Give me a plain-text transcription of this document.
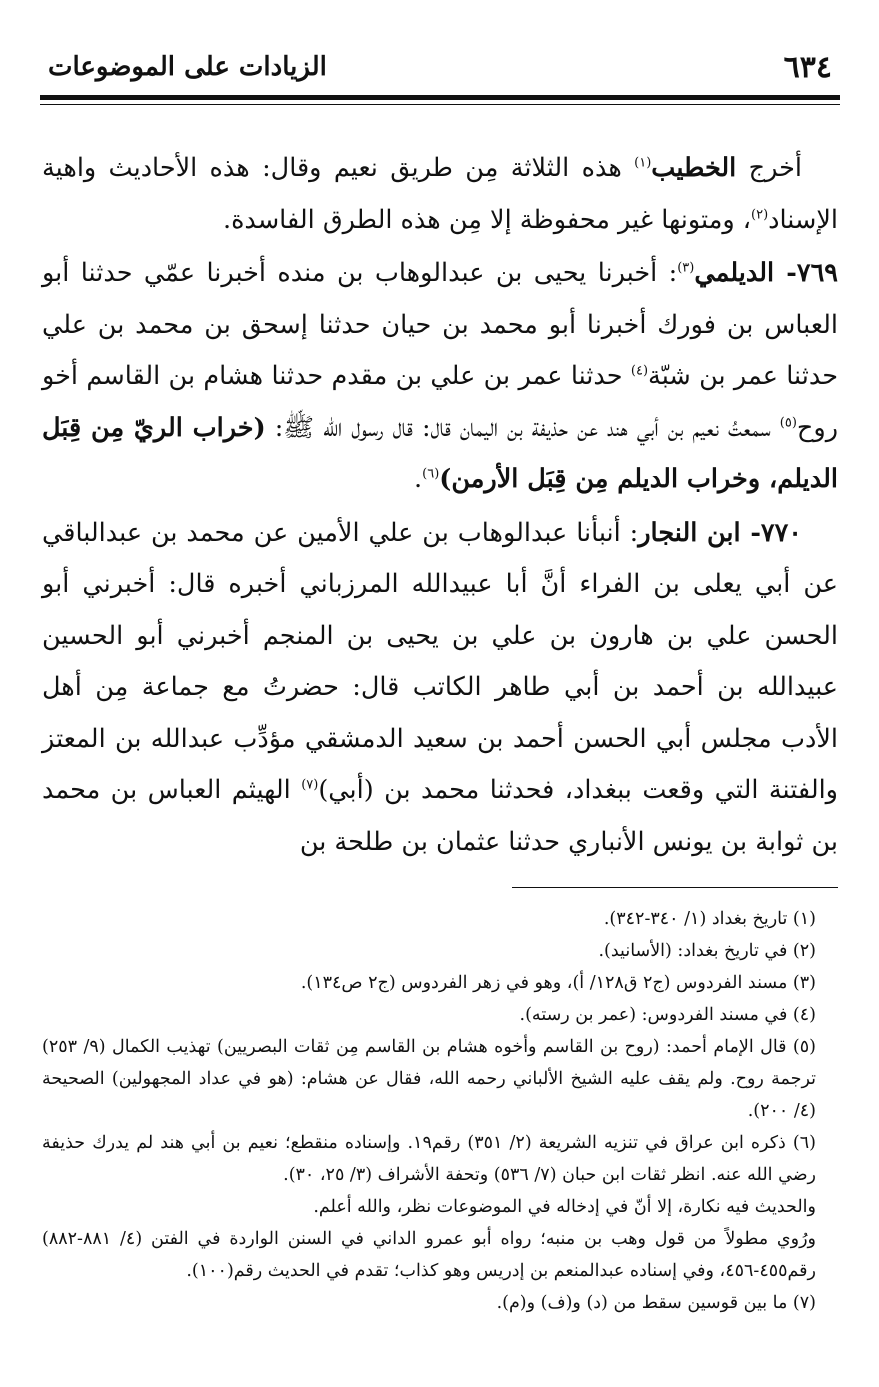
٦٣٤
الزيادات على الموضوعات

أخرج الخطيب$^{(١)}$ هذه الثلاثة مِن طريق نعيم وقال: هذه الأحاديث واهية الإسناد$^{(٢)}$، ومتونها غير محفوظة إلا مِن هذه الطرق الفاسدة.

٧٦٩- الديلمي$^{(٣)}$: أخبرنا يحيى بن عبدالوهاب بن منده أخبرنا عمّي حدثنا أبو العباس بن فورك أخبرنا أبو محمد بن حيان حدثنا إسحق بن محمد بن علي حدثنا عمر بن شبّة$^{(٤)}$ حدثنا عمر بن علي بن مقدم حدثنا هشام بن القاسم أخو روح$^{(٥)}$ سمعتُ نعيم بن أبي هند عن حذيفة بن اليمان قال: قال رسول الله ﷺ: (خراب الريّ مِن قِبَل الديلم، وخراب الديلم مِن قِبَل الأرمن)$^{(٦)}$.

٧٧٠- ابن النجار: أنبأنا عبدالوهاب بن علي الأمين عن محمد بن عبدالباقي عن أبي يعلى بن الفراء أنَّ أبا عبيدالله المرزباني أخبره قال: أخبرني أبو الحسن علي بن هارون بن علي بن يحيى بن المنجم أخبرني أبو الحسين عبيدالله بن أحمد بن أبي طاهر الكاتب قال: حضرتُ مع جماعة مِن أهل الأدب مجلس أبي الحسن أحمد بن سعيد الدمشقي مؤدِّب عبدالله بن المعتز والفتنة التي وقعت ببغداد، فحدثنا محمد بن (أبي)$^{(٧)}$ الهيثم العباس بن محمد بن ثوابة بن يونس الأنباري حدثنا عثمان بن طلحة بن

(١) تاريخ بغداد (١/ ٣٤٠-٣٤٢).

(٢) في تاريخ بغداد: (الأسانيد).

(٣) مسند الفردوس (ج٢ ق١٢٨/ أ)، وهو في زهر الفردوس (ج٢ ص١٣٤).

(٤) في مسند الفردوس: (عمر بن رسته).

(٥) قال الإمام أحمد: (روح بن القاسم وأخوه هشام بن القاسم مِن ثقات البصريين) تهذيب الكمال (٩/ ٢٥٣) ترجمة روح. ولم يقف عليه الشيخ الألباني رحمه الله، فقال عن هشام: (هو في عداد المجهولين) الصحيحة (٤/ ٢٠٠).

(٦) ذكره ابن عراق في تنزيه الشريعة (٢/ ٣٥١) رقم١٩. وإسناده منقطع؛ نعيم بن أبي هند لم يدرك حذيفة رضي الله عنه. انظر ثقات ابن حبان (٧/ ٥٣٦) وتحفة الأشراف (٣/ ٢٥، ٣٠).

والحديث فيه نكارة، إلا أنّ في إدخاله في الموضوعات نظر، والله أعلم.

ورُوي مطولاً من قول وهب بن منبه؛ رواه أبو عمرو الداني في السنن الواردة في الفتن (٤/ ٨٨١-٨٨٢) رقم٤٥٥-٤٥٦، وفي إسناده عبدالمنعم بن إدريس وهو كذاب؛ تقدم في الحديث رقم(١٠٠).

(٧) ما بين قوسين سقط من (د) و(ف) و(م).
